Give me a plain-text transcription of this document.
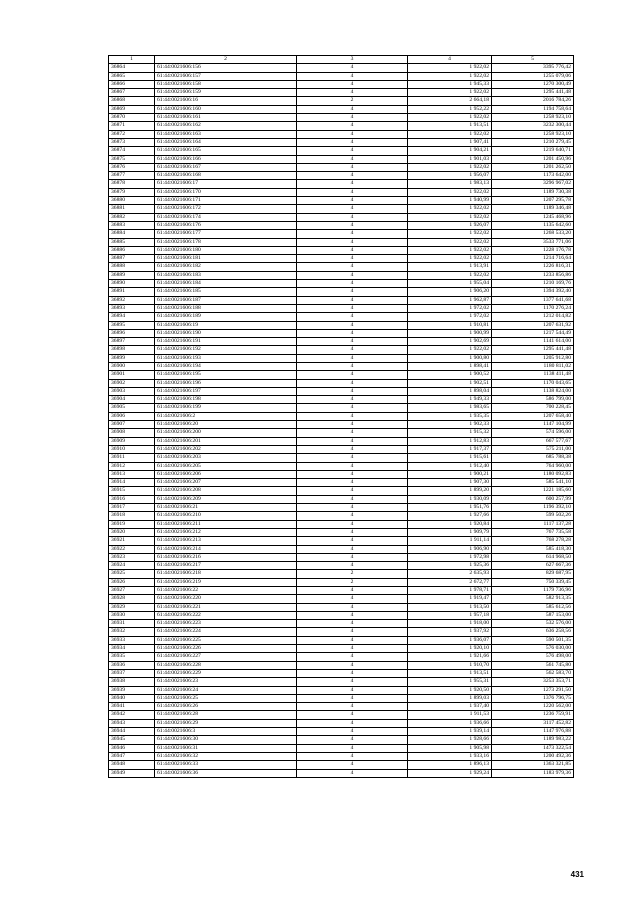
1	2	3	4	5
36864	61:44:0021606:156	4	1 922,02	3395 776,42
36865	61:44:0021606:157	4	1 922,02	1255 079,06
36866	61:44:0021606:158	4	1 945,33	1270 300,49
36867	61:44:0021606:159	4	1 922,02	1295 441,48
36868	61:44:0021606:16	2	2 664,18	2016 784,26
36869	61:44:0021606:160	4	1 952,22	1194 758,64
36870	61:44:0021606:161	4	1 922,02	1258 923,10
36871	61:44:0021606:162	4	1 913,51	3232 300,44
36872	61:44:0021606:163	4	1 922,02	1258 923,10
36873	61:44:0021606:164	4	1 907,41	1210 279,45
36874	61:44:0021606:165	4	1 904,21	1219 640,71
36875	61:44:0021606:166	4	1 901,03	1201 450,96
36876	61:44:0021606:167	4	1 922,02	1201 262,50
36877	61:44:0021606:168	4	1 956,07	1173 642,00
36878	61:44:0021606:17	4	1 983,13	3296 967,02
36879	61:44:0021606:170	4	1 922,02	1189 730,38
36880	61:44:0021606:171	4	1 940,99	1207 295,78
36881	61:44:0021606:172	4	1 922,02	1189 346,48
36882	61:44:0021606:174	4	1 922,02	1245 468,96
36883	61:44:0021606:176	4	1 926,07	1135 642,60
36884	61:44:0021606:177	4	1 922,02	1268 533,20
36885	61:44:0021606:178	4	1 922,02	3533 771,06
36886	61:44:0021606:180	4	1 922,02	1228 176,78
36887	61:44:0021606:181	4	1 922,02	1214 716,64
36888	61:44:0021606:182	4	1 913,91	1226 816,31
36889	61:44:0021606:183	4	1 922,02	1233 856,86
36890	61:44:0021606:184	4	1 955,04	1210 169,76
36891	61:44:0021606:185	4	1 906,20	1394 392,40
36892	61:44:0021606:187	4	1 962,87	1377 641,68
36893	61:44:0021606:188	4	1 972,02	1170 276,24
36894	61:44:0021606:189	4	1 972,02	1212 014,82
36895	61:44:0021606:19	4	1 910,81	1207 631,92
36896	61:44:0021606:190	4	1 900,99	1217 544,49
36897	61:44:0021606:191	4	1 902,69	1141 614,00
36898	61:44:0021606:192	4	1 922,02	1295 441,48
36899	61:44:0021606:193	4	1 900,80	1205 912,80
36900	61:44:0021606:194	4	1 898,41	1180 811,02
36901	61:44:0021606:195	4	1 900,52	1138 411,48
36902	61:44:0021606:196	4	1 902,51	1170 043,65
36903	61:44:0021606:197	4	1 898,04	1138 824,00
36904	61:44:0021606:198	4	1 949,33	586 799,00
36905	61:44:0021606:199	4	1 983,65	700 228,45
36906	61:44:0021606:2	4	1 935,35	1207 658,40
36907	61:44:0021606:20	4	1 902,33	1147 104,99
36908	61:44:0021606:200	4	1 915,32	574 596,00
36909	61:44:0021606:201	4	1 912,83	667 577,67
36910	61:44:0021606:202	4	1 917,37	575 211,00
36911	61:44:0021606:203	4	1 915,61	685 788,38
36912	61:44:0021606:205	4	1 912,40	764 960,00
36913	61:44:0021606:206	4	1 900,21	1180 092,83
36914	61:44:0021606:207	4	1 907,30	585 541,10
36915	61:44:0021606:208	4	1 899,20	1221 185,60
36916	61:44:0021606:209	4	1 930,09	600 257,99
36917	61:44:0021606:21	4	1 951,76	1196 392,10
36918	61:44:0021606:210	4	1 927,66	599 502,26
36919	61:44:0021606:211	4	1 920,84	1117 137,28
36920	61:44:0021606:212	4	1 909,79	767 735,58
36921	61:44:0021606:213	4	1 911,14	768 278,28
36922	61:44:0021606:214	4	1 906,90	585 418,30
36923	61:44:0021606:216	4	1 972,98	614 968,50
36924	61:44:0021606:217	4	1 925,36	627 667,36
36925	61:44:0021606:218	2	2 635,93	829 687,95
36926	61:44:0021606:219	2	2 672,77	750 339,45
36927	61:44:0021606:22	4	1 978,71	1179 736,96
36928	61:44:0021606:220	4	1 919,47	582 913,35
36929	61:44:0021606:221	4	1 913,50	585 612,56
36930	61:44:0021606:222	4	1 957,18	587 153,00
36931	61:44:0021606:223	4	1 918,00	532 576,00
36932	61:44:0021606:224	4	1 937,92	636 258,56
36933	61:44:0021606:225	4	1 936,07	590 501,35
36934	61:44:0021606:226	4	1 920,10	576 030,00
36935	61:44:0021606:227	4	1 921,66	576 498,00
36936	61:44:0021606:228	4	1 910,70	561 745,80
36937	61:44:0021606:229	4	1 913,51	562 583,70
36938	61:44:0021606:23	4	1 955,31	3253 353,71
36939	61:44:0021606:24	4	1 920,50	1273 291,50
36940	61:44:0021606:25	4	1 899,03	1376 796,75
36941	61:44:0021606:26	4	1 937,40	1220 562,00
36942	61:44:0021606:28	4	1 911,53	1236 759,91
36943	61:44:0021606:29	4	1 936,66	3117 452,82
36944	61:44:0021606:3	4	1 939,14	1147 976,88
36945	61:44:0021606:30	4	1 928,66	1189 983,22
36946	61:44:0021606:31	4	1 905,98	1473 322,54
36947	61:44:0021606:32	4	1 933,16	1200 492,36
36948	61:44:0021606:33	4	1 896,13	1363 321,85
36949	61:44:0021606:36	4	1 929,24	1183 979,36
431
